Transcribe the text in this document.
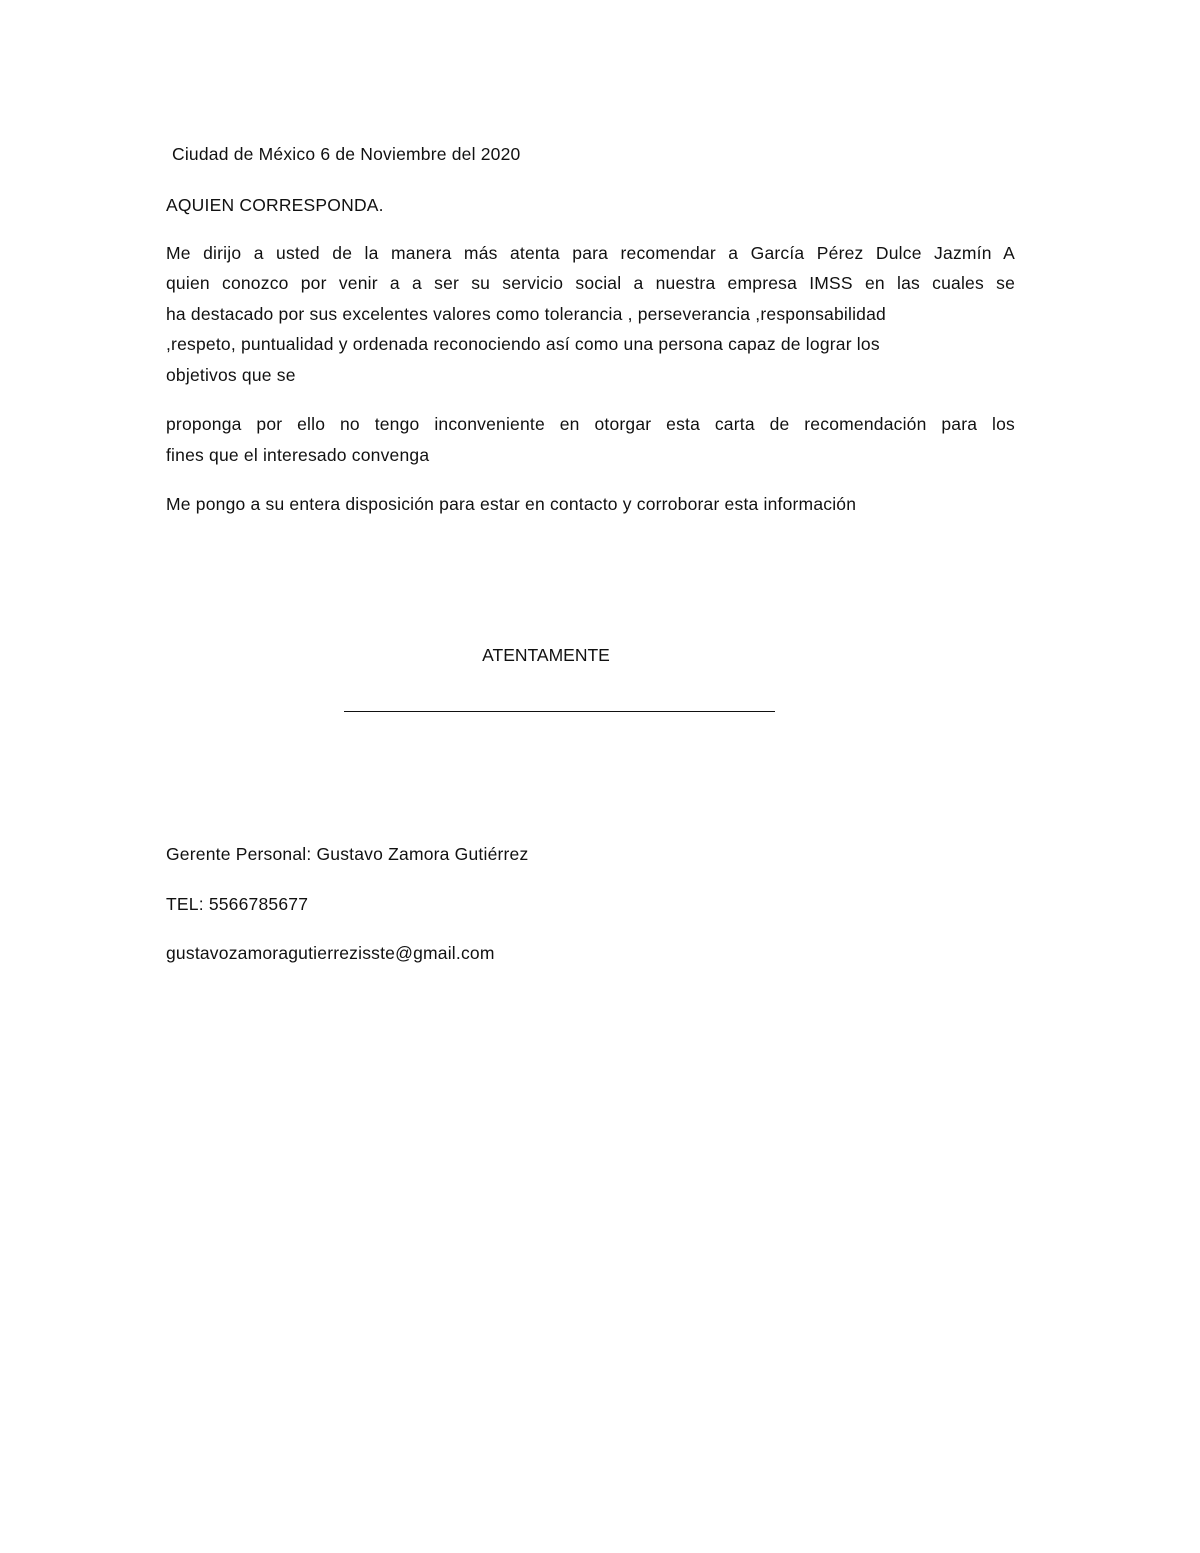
Ciudad de México 6 de Noviembre del 2020
AQUIEN CORRESPONDA.
Me dirijo a usted de la manera más atenta para recomendar a García Pérez Dulce Jazmín A
quien conozco por venir a a ser su servicio social a nuestra empresa IMSS en las cuales se
ha destacado por sus excelentes valores como tolerancia , perseverancia ,responsabilidad
,respeto, puntualidad y ordenada reconociendo así como una persona capaz de lograr los
objetivos que se
proponga por ello no tengo inconveniente en otorgar esta carta de recomendación para los
fines que el interesado convenga
Me pongo a su entera disposición para estar en contacto y corroborar esta información
ATENTAMENTE
Gerente Personal: Gustavo Zamora Gutiérrez
TEL: 5566785677
gustavozamoragutierrezisste@gmail.com
